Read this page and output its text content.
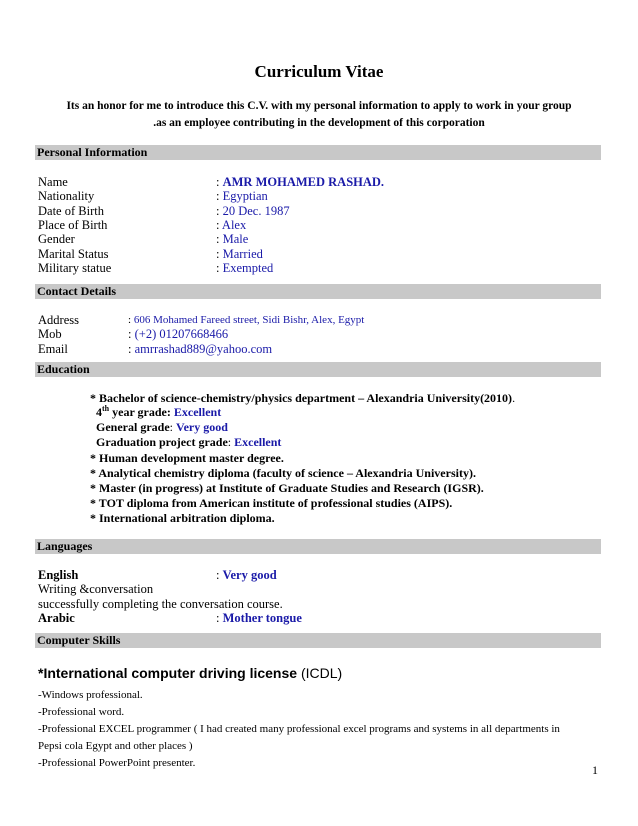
Curriculum Vitae
Its an honor for me to introduce this C.V. with my personal information to apply to work in your group
.as an employee contributing in the development of this corporation
Personal Information
Name	: AMR MOHAMED RASHAD.
Nationality	: Egyptian
Date of Birth	: 20 Dec. 1987
Place of Birth	: Alex
Gender	: Male
Marital Status	: Married
Military statue	: Exempted
Contact Details
Address	: 606 Mohamed Fareed street, Sidi Bishr, Alex, Egypt
Mob	: (+2) 01207668466
Email	: amrrashad889@yahoo.com
Education
* Bachelor of science-chemistry/physics department – Alexandria University(2010).
4th year grade: Excellent
General grade: Very good
Graduation project grade: Excellent
* Human development master degree.
* Analytical chemistry diploma (faculty of science – Alexandria University).
* Master (in progress) at Institute of Graduate Studies and Research (IGSR).
* TOT diploma from American institute of professional studies (AIPS).
* International arbitration diploma.
Languages
English	: Very good
Writing &conversation
successfully completing the conversation course.
Arabic	: Mother tongue
Computer Skills
*International computer driving license (ICDL)
-Windows professional.
-Professional word.
-Professional EXCEL programmer ( I had created many professional excel programs and systems in all departments in
Pepsi cola Egypt and other places )
-Professional PowerPoint presenter.	1
